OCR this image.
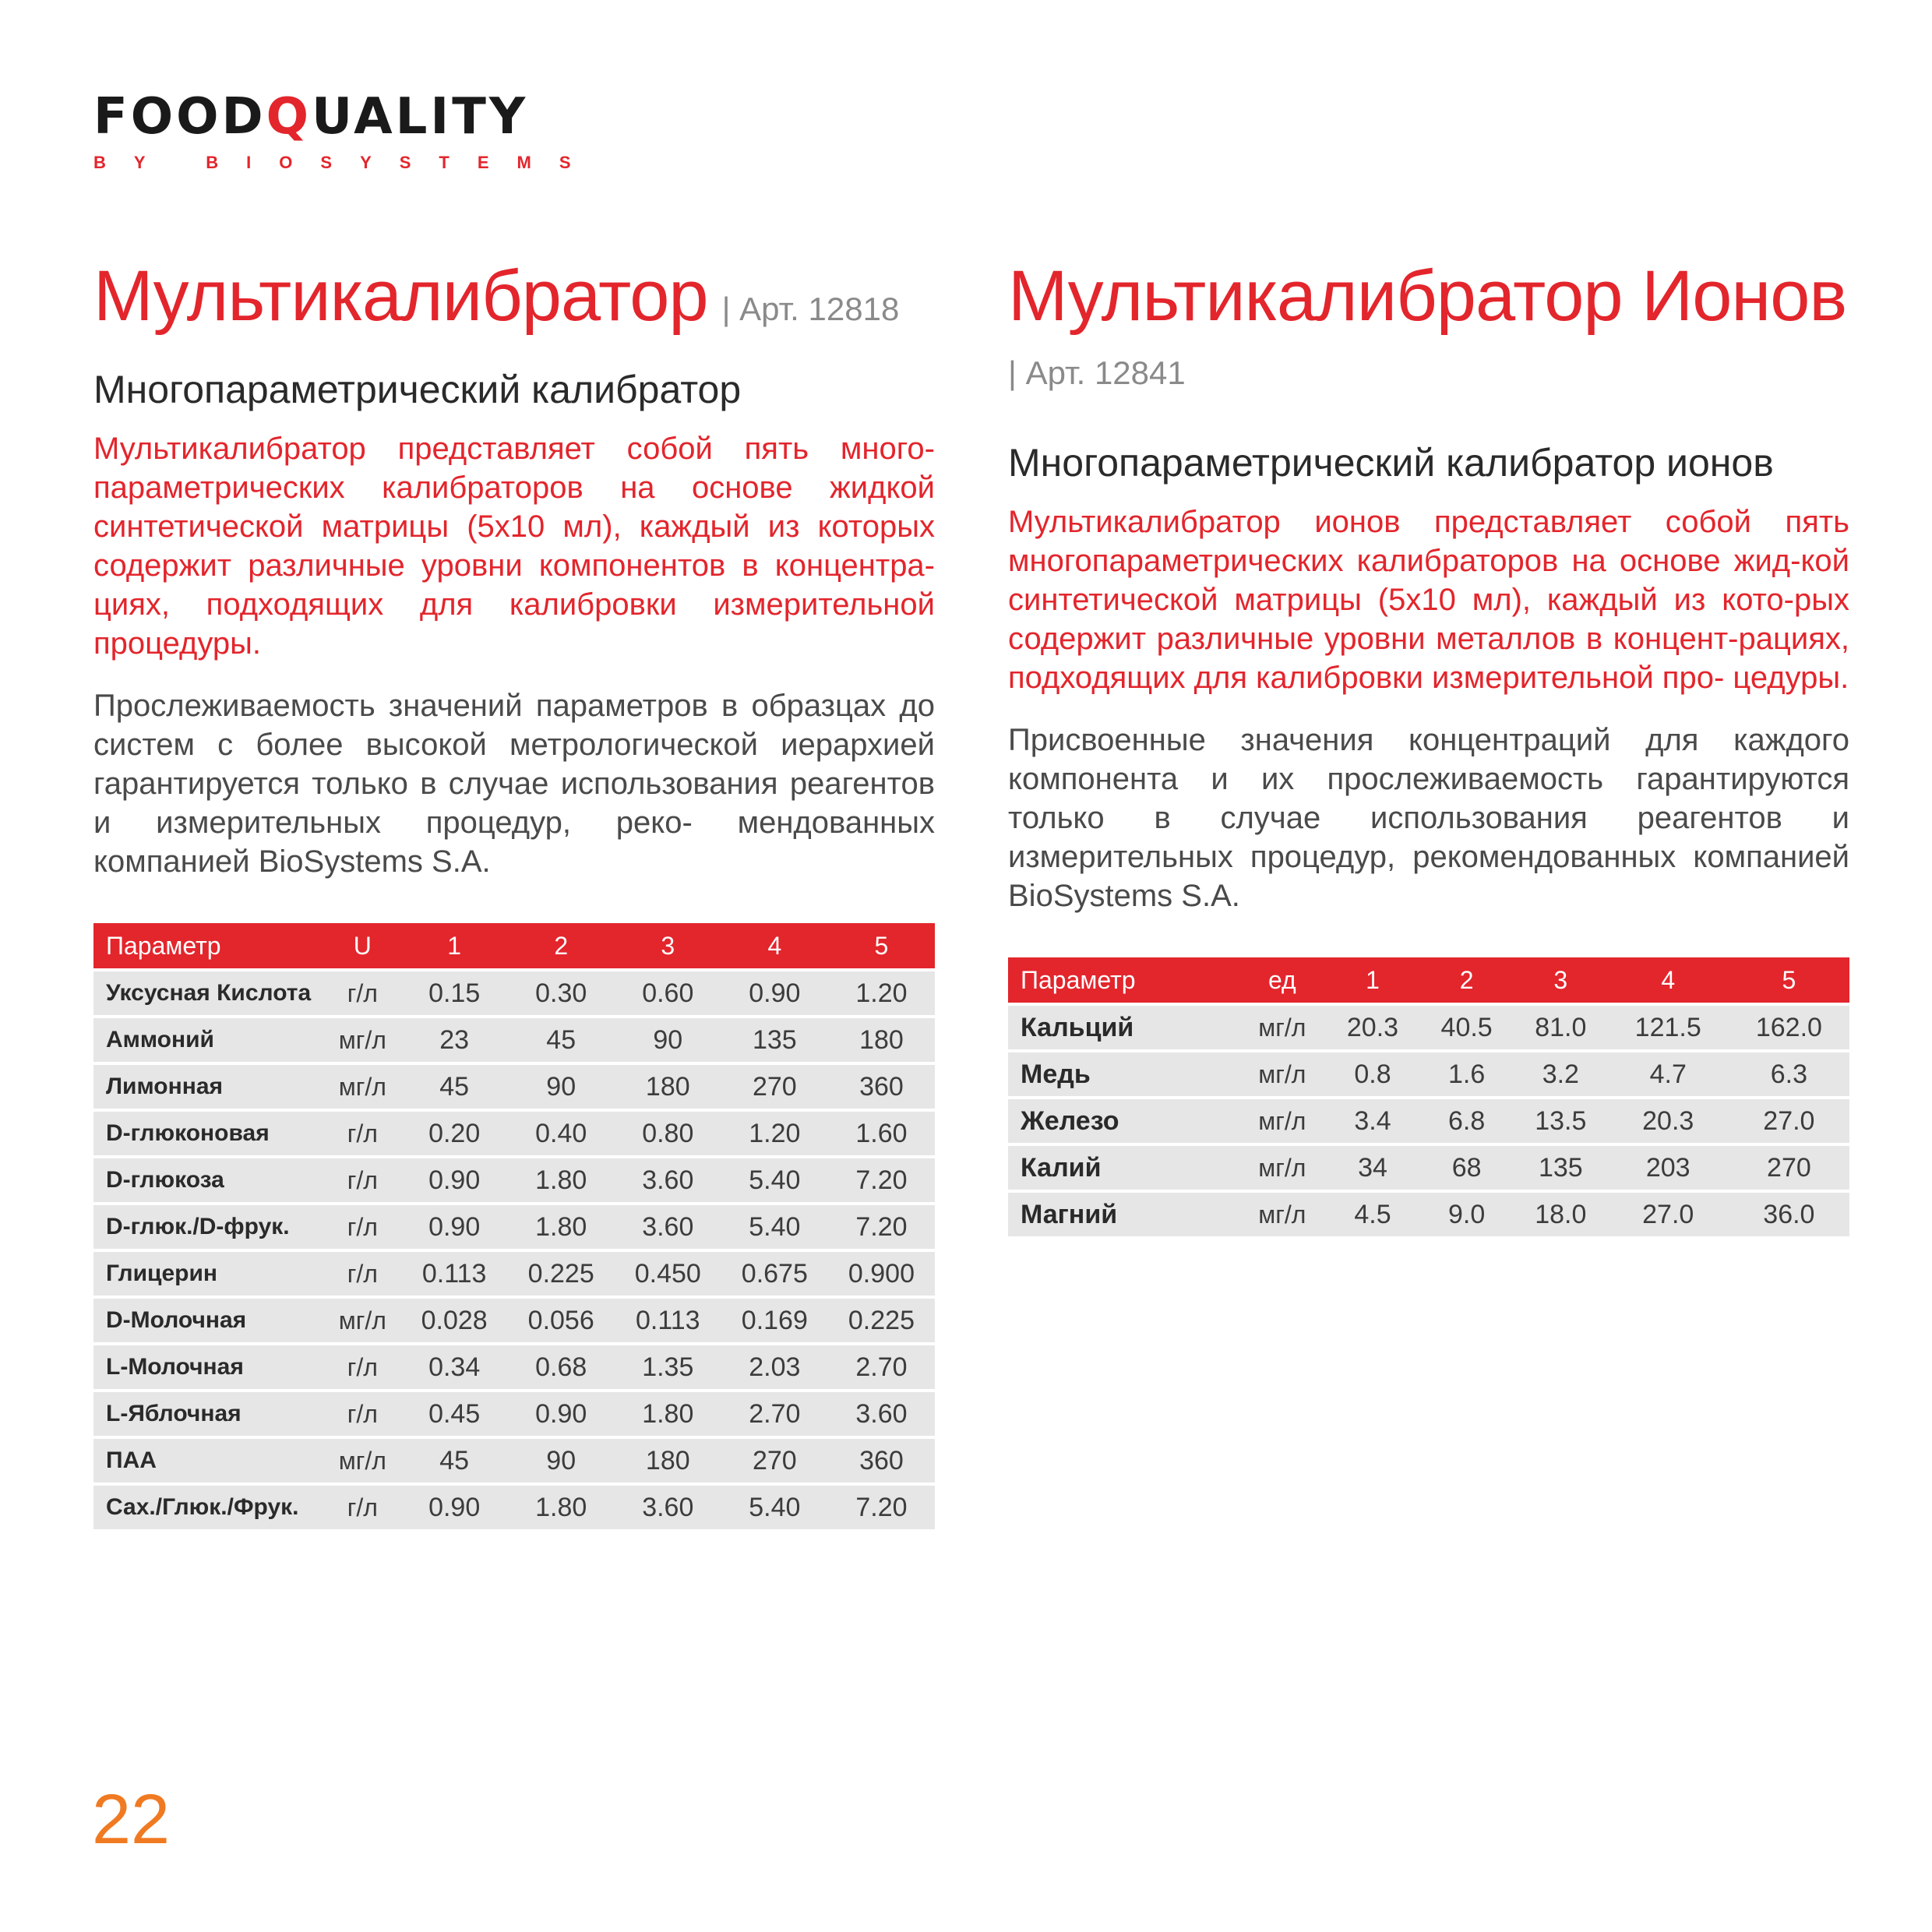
FOODQUALITY
BY BIOSYSTEMS
Мультикалибратор | Арт. 12818
Многопараметрический калибратор

Мультикалибратор представляет собой пять много-параметрических калибраторов на основе жидкой синтетической матрицы (5х10 мл), каждый из которых содержит различные уровни компонентов в концентра-циях, подходящих для калибровки измерительной процедуры.

Прослеживаемость значений параметров в образцах до систем с более высокой метрологической иерархией гарантируется только в случае использования реагентов и измерительных процедур, реко- мендованных компанией BioSystems S.A.

Параметр	U	1	2	3	4	5
Уксусная Кислота	г/л	0.15	0.30	0.60	0.90	1.20
Аммоний	мг/л	23	45	90	135	180
Лимонная	мг/л	45	90	180	270	360
D-глюконовая	г/л	0.20	0.40	0.80	1.20	1.60
D-глюкоза	г/л	0.90	1.80	3.60	5.40	7.20
D-глюк./D-фрук.	г/л	0.90	1.80	3.60	5.40	7.20
Глицерин	г/л	0.113	0.225	0.450	0.675	0.900
D-Молочная	мг/л	0.028	0.056	0.113	0.169	0.225
L-Молочная	г/л	0.34	0.68	1.35	2.03	2.70
L-Яблочная	г/л	0.45	0.90	1.80	2.70	3.60
ПАА	мг/л	45	90	180	270	360
Сах./Глюк./Фрук.	г/л	0.90	1.80	3.60	5.40	7.20
Мультикалибратор Ионов
| Арт. 12841
Многопараметрический калибратор ионов

Мультикалибратор ионов представляет собой пять многопараметрических калибраторов на основе жид-кой синтетической матрицы (5х10 мл), каждый из кото-рых содержит различные уровни металлов в концент-рациях, подходящих для калибровки измерительной про- цедуры.

Присвоенные значения концентраций для каждого компонента и их прослеживаемость гарантируются только в случае использования реагентов и измерительных процедур, рекомендованных компанией BioSystems S.A.

Параметр	ед	1	2	3	4	5
Кальций	мг/л	20.3	40.5	81.0	121.5	162.0
Медь	мг/л	0.8	1.6	3.2	4.7	6.3
Железо	мг/л	3.4	6.8	13.5	20.3	27.0
Калий	мг/л	34	68	135	203	270
Магний	мг/л	4.5	9.0	18.0	27.0	36.0
22
